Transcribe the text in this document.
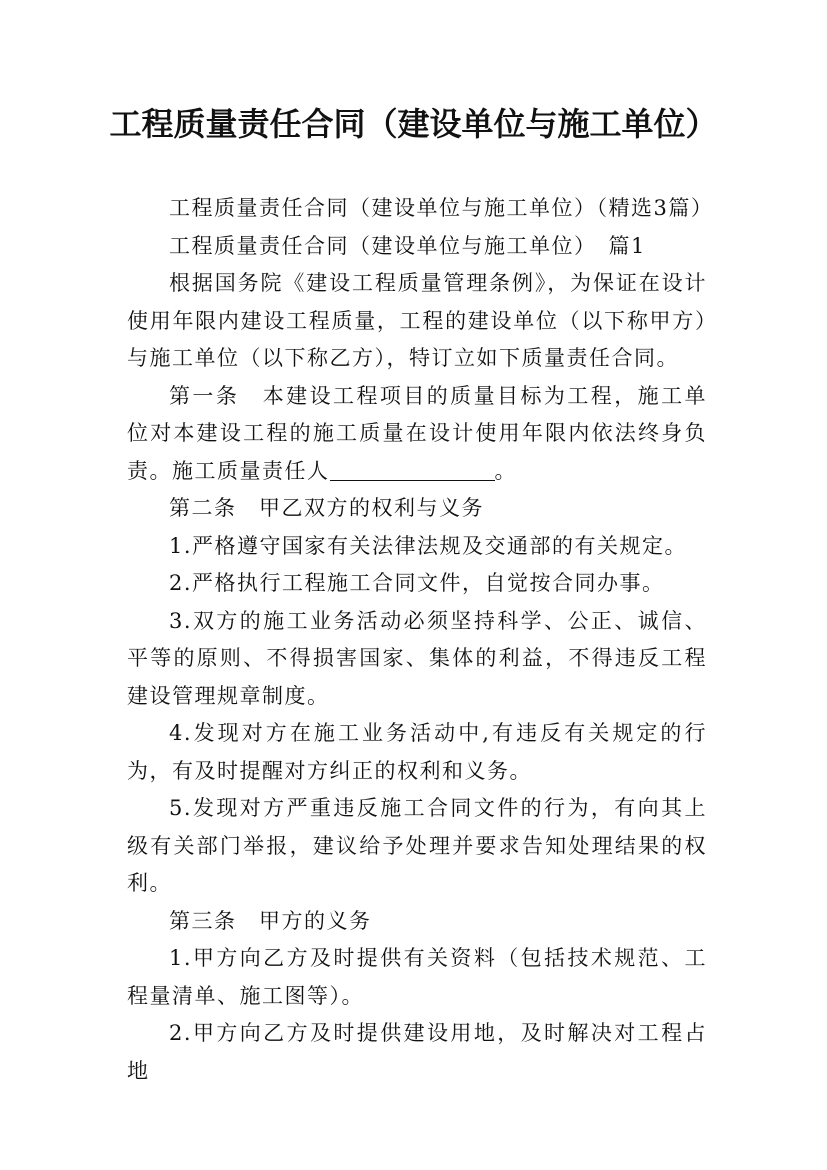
工程质量责任合同（建设单位与施工单位）

工程质量责任合同（建设单位与施工单位）（精选3篇）

工程质量责任合同（建设单位与施工单位）　篇1

根据国务院《建设工程质量管理条例》，为保证在设计使用年限内建设工程质量，工程的建设单位（以下称甲方）与施工单位（以下称乙方），特订立如下质量责任合同。

第一条　本建设工程项目的质量目标为工程，施工单位对本建设工程的施工质量在设计使用年限内依法终身负责。施工质量责任人	。

第二条　甲乙双方的权利与义务

1.严格遵守国家有关法律法规及交通部的有关规定。

2.严格执行工程施工合同文件，自觉按合同办事。

3.双方的施工业务活动必须坚持科学、公正、诚信、平等的原则、不得损害国家、集体的利益，不得违反工程建设管理规章制度。

4.发现对方在施工业务活动中,有违反有关规定的行为，有及时提醒对方纠正的权利和义务。

5.发现对方严重违反施工合同文件的行为，有向其上级有关部门举报，建议给予处理并要求告知处理结果的权利。

第三条　甲方的义务

1.甲方向乙方及时提供有关资料（包括技术规范、工程量清单、施工图等）。

2.甲方向乙方及时提供建设用地，及时解决对工程占地
